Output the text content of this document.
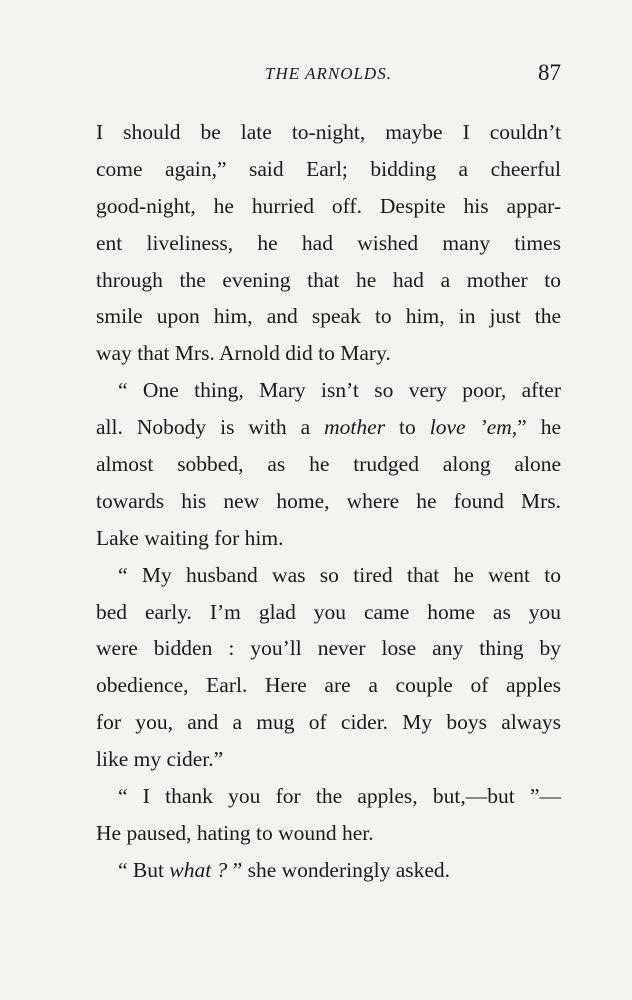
THE ARNOLDS.	87
I should be late to-night, maybe I couldn’t
come again,” said Earl; bidding a cheerful
good-night, he hurried off. Despite his appar-
ent liveliness, he had wished many times
through the evening that he had a mother to
smile upon him, and speak to him, in just the
way that Mrs. Arnold did to Mary.
“ One thing, Mary isn’t so very poor, after
all. Nobody is with a mother to love ’em,” he
almost sobbed, as he trudged along alone
towards his new home, where he found Mrs.
Lake waiting for him.
“ My husband was so tired that he went to
bed early. I’m glad you came home as you
were bidden : you’ll never lose any thing by
obedience, Earl. Here are a couple of apples
for you, and a mug of cider. My boys always
like my cider.”
“ I thank you for the apples, but,—but ”—
He paused, hating to wound her.
“ But what ? ” she wonderingly asked.
